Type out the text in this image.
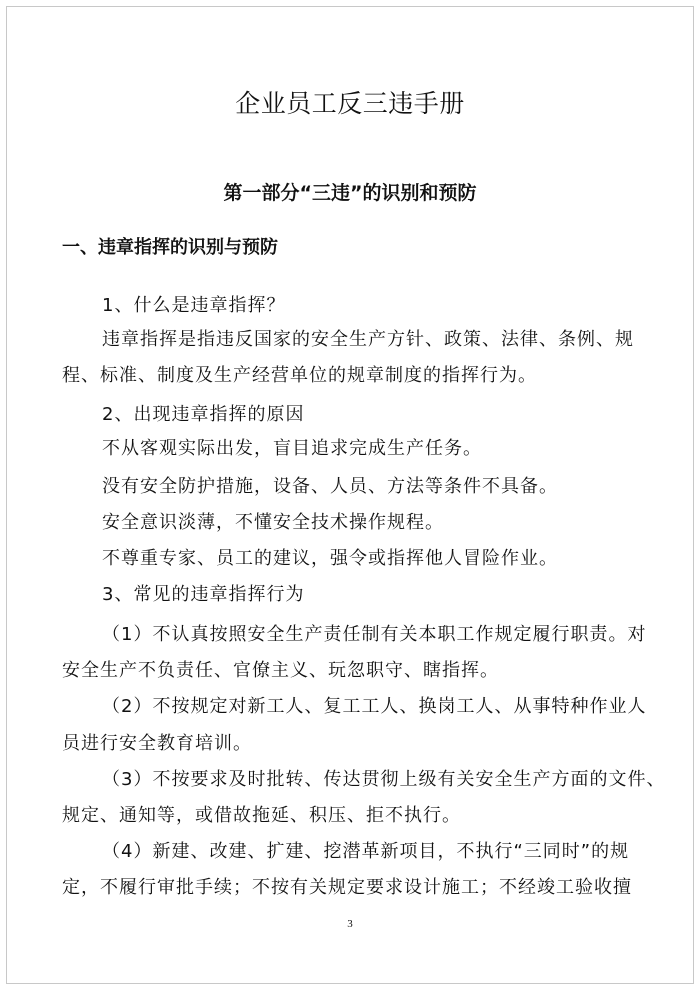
企业员工反三违手册
第一部分“三违”的识别和预防
一、违章指挥的识别与预防
1、什么是违章指挥？
违章指挥是指违反国家的安全生产方针、政策、法律、条例、规
程、标准、制度及生产经营单位的规章制度的指挥行为。
2、出现违章指挥的原因
不从客观实际出发，盲目追求完成生产任务。
没有安全防护措施，设备、人员、方法等条件不具备。
安全意识淡薄，不懂安全技术操作规程。
不尊重专家、员工的建议，强令或指挥他人冒险作业。
3、常见的违章指挥行为
（1）不认真按照安全生产责任制有关本职工作规定履行职责。对
安全生产不负责任、官僚主义、玩忽职守、瞎指挥。
（2）不按规定对新工人、复工工人、换岗工人、从事特种作业人
员进行安全教育培训。
（3）不按要求及时批转、传达贯彻上级有关安全生产方面的文件、
规定、通知等，或借故拖延、积压、拒不执行。
（4）新建、改建、扩建、挖潜革新项目，不执行“三同时”的规
定，不履行审批手续；不按有关规定要求设计施工；不经竣工验收擅
3
